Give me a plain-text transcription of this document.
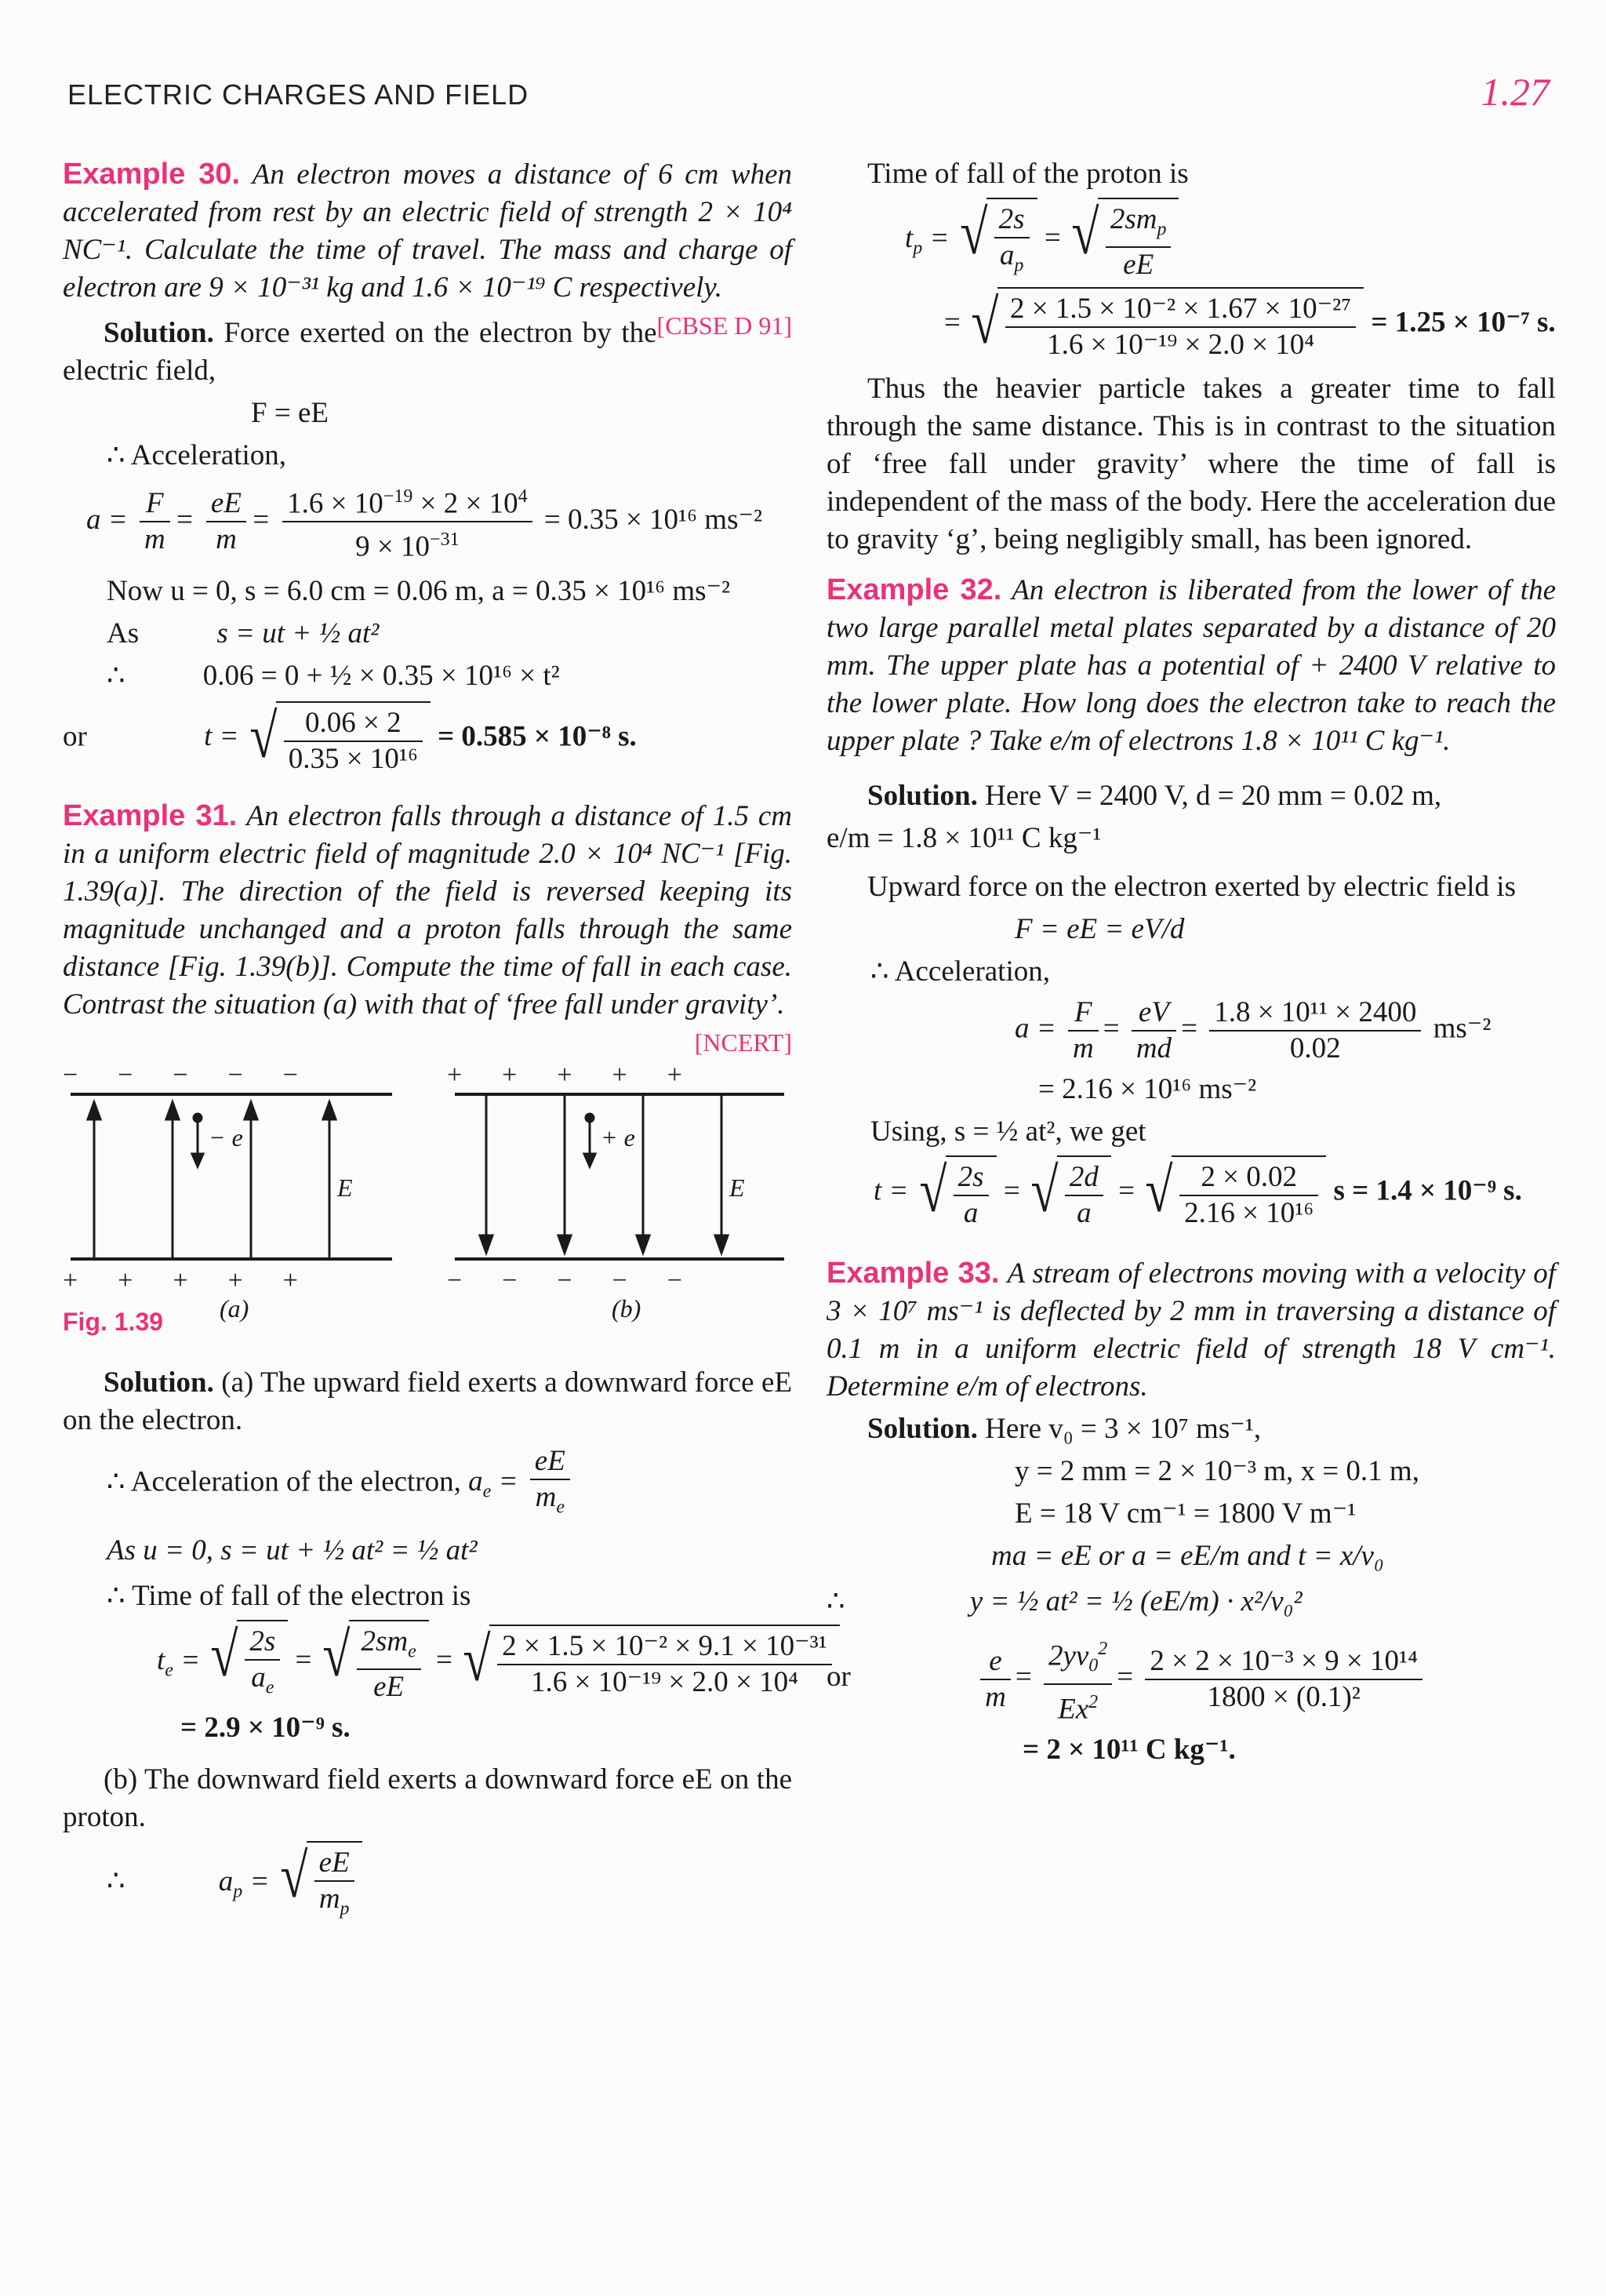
ELECTRIC CHARGES AND FIELD	1.27
Example 30. An electron moves a distance of 6 cm when accelerated from rest by an electric field of strength 2 × 10⁴ NC⁻¹. Calculate the time of travel. The mass and charge of electron are 9 × 10⁻³¹ kg and 1.6 × 10⁻¹⁹ C respectively.
[CBSE D 91]
Solution. Force exerted on the electron by the electric field,
F = eE
∴ Acceleration,
$a = \frac{F}{m} = \frac{eE}{m} = \frac{1.6 \times 10^{-19} \times 2 \times 10^4}{9 \times 10^{-31}} = 0.35 \times 10^{16}$ ms⁻²
Now u = 0, s = 6.0 cm = 0.06 m, a = 0.35 × 10¹⁶ ms⁻²
As	s = ut + ½ at²
∴	0.06 = 0 + ½ × 0.35 × 10¹⁶ × t²
or	t = √ $\frac{0.06 \times 2}{\text{0.35 × 10¹⁶}} = 0.585 \times 10^{-8}$ s.
Example 31. An electron falls through a distance of 1.5 cm in a uniform electric field of magnitude 2.0 × 10⁴ NC⁻¹ [Fig. 1.39(a)]. The direction of the field is reversed keeping its magnitude unchanged and a proton falls through the same distance [Fig. 1.39(b)]. Compute the time of fall in each case. Contrast the situation (a) with that of ‘free fall under gravity’.
[NCERT]
−      −      −      −      −
+      +      +      +      +
− e
E
(a)
+      +      +      +      +
−      −      −      −      −
+ e
E
(b)
Fig. 1.39
Solution. (a) The upward field exerts a downward force eE on the electron.
∴ Acceleration of the electron, $a_e = \frac{eE}{m_e}$
As u = 0, s = ut + ½ at² = ½ at²
∴ Time of fall of the electron is
$t_e$ = √ $\frac{2s}{a_e}$ = √ $\frac{2sm_e}{eE}$ = √ $\frac{\text{2 × 1.5 × 10⁻² × 9.1 × 10⁻³¹}}{\text{1.6 × 10⁻¹⁹ × 2.0 × 10⁴}}$
= 2.9 × 10⁻⁹ s.
(b) The downward field exerts a downward force eE on the proton.
∴	$a_p$ = √ $\frac{eE}{m_p}$
Time of fall of the proton is
$t_p$ = √ $\frac{2s}{a_p}$ = √ $\frac{2sm_p}{eE}$
= √ $\frac{\text{2 × 1.5 × 10⁻² × 1.67 × 10⁻²⁷}}{\text{1.6 × 10⁻¹⁹ × 2.0 × 10⁴}} = 1.25 \times 10^{-7}$ s.
Thus the heavier particle takes a greater time to fall through the same distance. This is in contrast to the situation of ‘free fall under gravity’ where the time of fall is independent of the mass of the body. Here the acceleration due to gravity ‘g’, being negligibly small, has been ignored.
Example 32. An electron is liberated from the lower of the two large parallel metal plates separated by a distance of 20 mm. The upper plate has a potential of + 2400 V relative to the lower plate. How long does the electron take to reach the upper plate ? Take e/m of electrons 1.8 × 10¹¹ C kg⁻¹.
Solution. Here V = 2400 V, d = 20 mm = 0.02 m,
e/m = 1.8 × 10¹¹ C kg⁻¹
Upward force on the electron exerted by electric field is
F = eE = eV/d
∴ Acceleration,
$a = \frac{F}{m} = \frac{eV}{md} = \frac{\text{1.8 × 10¹¹ × 2400}}{0.02} ms^{-2}$
= 2.16 × 10¹⁶ ms⁻²
Using, s = ½ at², we get
t = √ $\frac{2s}{a}$ = √ $\frac{2d}{a}$ = √ $\frac{2 \times 0.02}{\text{2.16 × 10¹⁶}}$ s = 1.4 × 10⁻⁹ s.
Example 33. A stream of electrons moving with a velocity of 3 × 10⁷ ms⁻¹ is deflected by 2 mm in traversing a distance of 0.1 m in a uniform electric field of strength 18 V cm⁻¹. Determine e/m of electrons.
Solution. Here v₀ = 3 × 10⁷ ms⁻¹,
y = 2 mm = 2 × 10⁻³ m, x = 0.1 m,
E = 18 V cm⁻¹ = 1800 V m⁻¹
ma = eE or a = eE/m and t = x/v₀
∴	y = ½ at² = ½ (eE/m) · x²/v₀²
or	$\frac{e}{m} = \frac{2yv_0^2}{Ex^2} = \frac{\text{2 × 2 × 10⁻³ × 9 × 10¹⁴}}{\text{1800 × (0.1)²}}$
= 2 × 10¹¹ C kg⁻¹.
